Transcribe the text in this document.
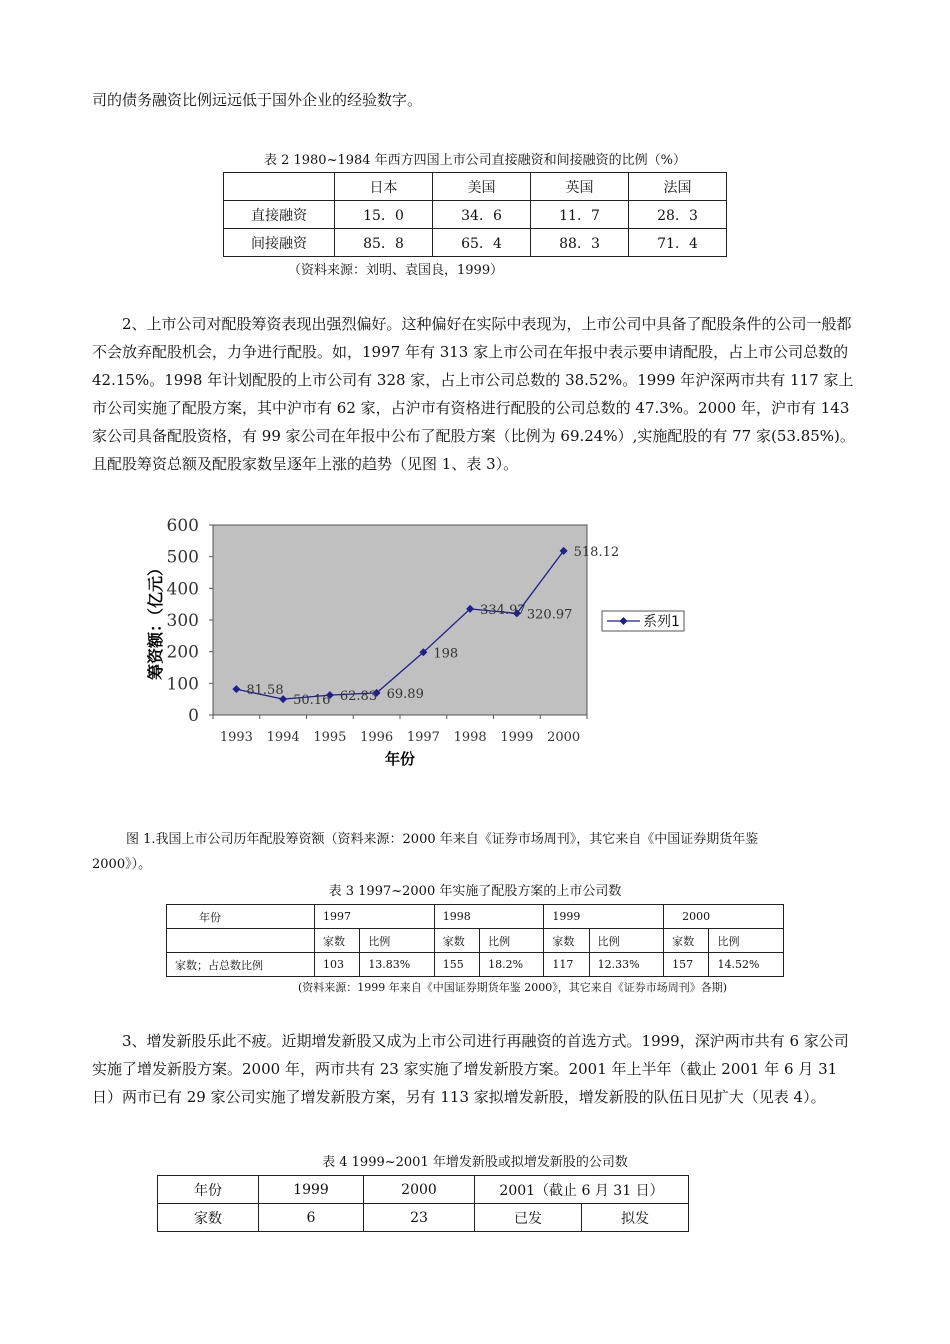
司的债务融资比例远远低于国外企业的经验数字。
表 2 1980~1984 年西方四国上市公司直接融资和间接融资的比例（%）
	日本	美国	英国	法国
直接融资	15．0	34．6	11．7	28．3
间接融资	85．8	65．4	88．3	71．4
（资料来源：刘明、袁国良，1999）
2、上市公司对配股筹资表现出强烈偏好。这种偏好在实际中表现为，上市公司中具备了配股条件的公司一般都不会放弃配股机会，力争进行配股。如，1997 年有 313 家上市公司在年报中表示要申请配股，占上市公司总数的 42.15%。1998 年计划配股的上市公司有 328 家，占上市公司总数的 38.52%。1999 年沪深两市共有 117 家上市公司实施了配股方案，其中沪市有 62 家，占沪市有资格进行配股的公司总数的 47.3%。2000 年，沪市有 143 家公司具备配股资格，有 99 家公司在年报中公布了配股方案（比例为 69.24%）,实施配股的有 77 家(53.85%)。且配股筹资总额及配股家数呈逐年上涨的趋势（见图 1、表 3）。
0
100
200
300
400
500
600
1993 1994 1995 1996 1997 1998 1999 2000
81.58
50.16 62.83 69.89
198
334.97 320.97
518.12
筹资额：（亿元）
年份
系列1
图 1.我国上市公司历年配股筹资额（资料来源：2000 年来自《证券市场周刊》，其它来自《中国证券期货年鉴
2000》）。
表 3 1997~2000 年实施了配股方案的上市公司数
年份	1997		1998		1999		2000	
	家数	比例	家数	比例	家数	比例	家数	比例
家数；占总数比例	103	13.83%	155	18.2%	117	12.33%	157	14.52%
(资料来源：1999 年来自《中国证券期货年鉴 2000》，其它来自《证券市场周刊》各期)
3、增发新股乐此不疲。近期增发新股又成为上市公司进行再融资的首选方式。1999，深沪两市共有 6 家公司实施了增发新股方案。2000 年，两市共有 23 家实施了增发新股方案。2001 年上半年（截止 2001 年 6 月 31 日）两市已有 29 家公司实施了增发新股方案，另有 113 家拟增发新股，增发新股的队伍日见扩大（见表 4）。
表 4 1999~2001 年增发新股或拟增发新股的公司数
年份	1999	2000	2001（截止 6 月 31 日）	
家数	6	23	已发	拟发
